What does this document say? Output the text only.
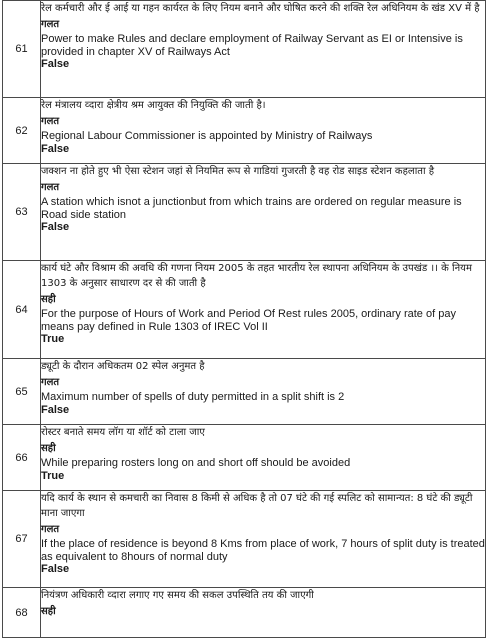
61	रेल कर्मचारी और ई आई या गहन कार्यरत के लिए नियम बनाने और घोषित करने की शक्ति रेल अधिनियम के खंड XV में है
गलत
Power to make Rules and declare employment of Railway Servant as EI or Intensive is provided in chapter XV of Railways Act
False

62	रेल मंत्रालय व्दारा क्षेत्रीय श्रम आयुक्त की नियुक्ति की जाती है।
गलत
Regional Labour Commissioner is appointed by Ministry of Railways
False

63	जक्शन ना होते हुए भी ऐसा स्टेशन जहां से नियमित रूप से गाडियां गुजरती है वह रोड साइड स्टेशन कहलाता है
गलत
A station which isnot a junctionbut from which trains are ordered on regular measure is Road side station
False

64	कार्य घंटे और विश्राम की अवधि की गणना नियम 2005 के तहत भारतीय रेल स्थापना अधिनियम के उपखंड ।। के नियम 1303 के अनुसार साधारण दर से की जाती है
सही
For the purpose of Hours of Work and Period Of Rest rules 2005, ordinary rate of pay means pay defined in Rule 1303 of IREC Vol II
True

65	ड्यूटी के दौरान अधिकतम 02 स्पेल अनुमत है
गलत
Maximum number of spells of duty permitted in a split shift is 2
False

66	रोस्टर बनाते समय लॉग या शॉर्ट को टाला जाए
सही
While preparing rosters long on and short off should be avoided
True

67	यदि कार्य के स्थान से कमचारी का निवास 8 किमी से अधिक है तो 07 घंटे की गई स्पलिट को सामान्यत: 8 घंटे की ड्यूटी माना जाएगा
गलत
If the place of residence is beyond 8 Kms from place of work, 7 hours of split duty is treated as equivalent to 8hours of normal duty
False

68	नियंत्रण अधिकारी व्दारा लगाए गए समय की सकल उपस्थिति तय की जाएगी
सही
